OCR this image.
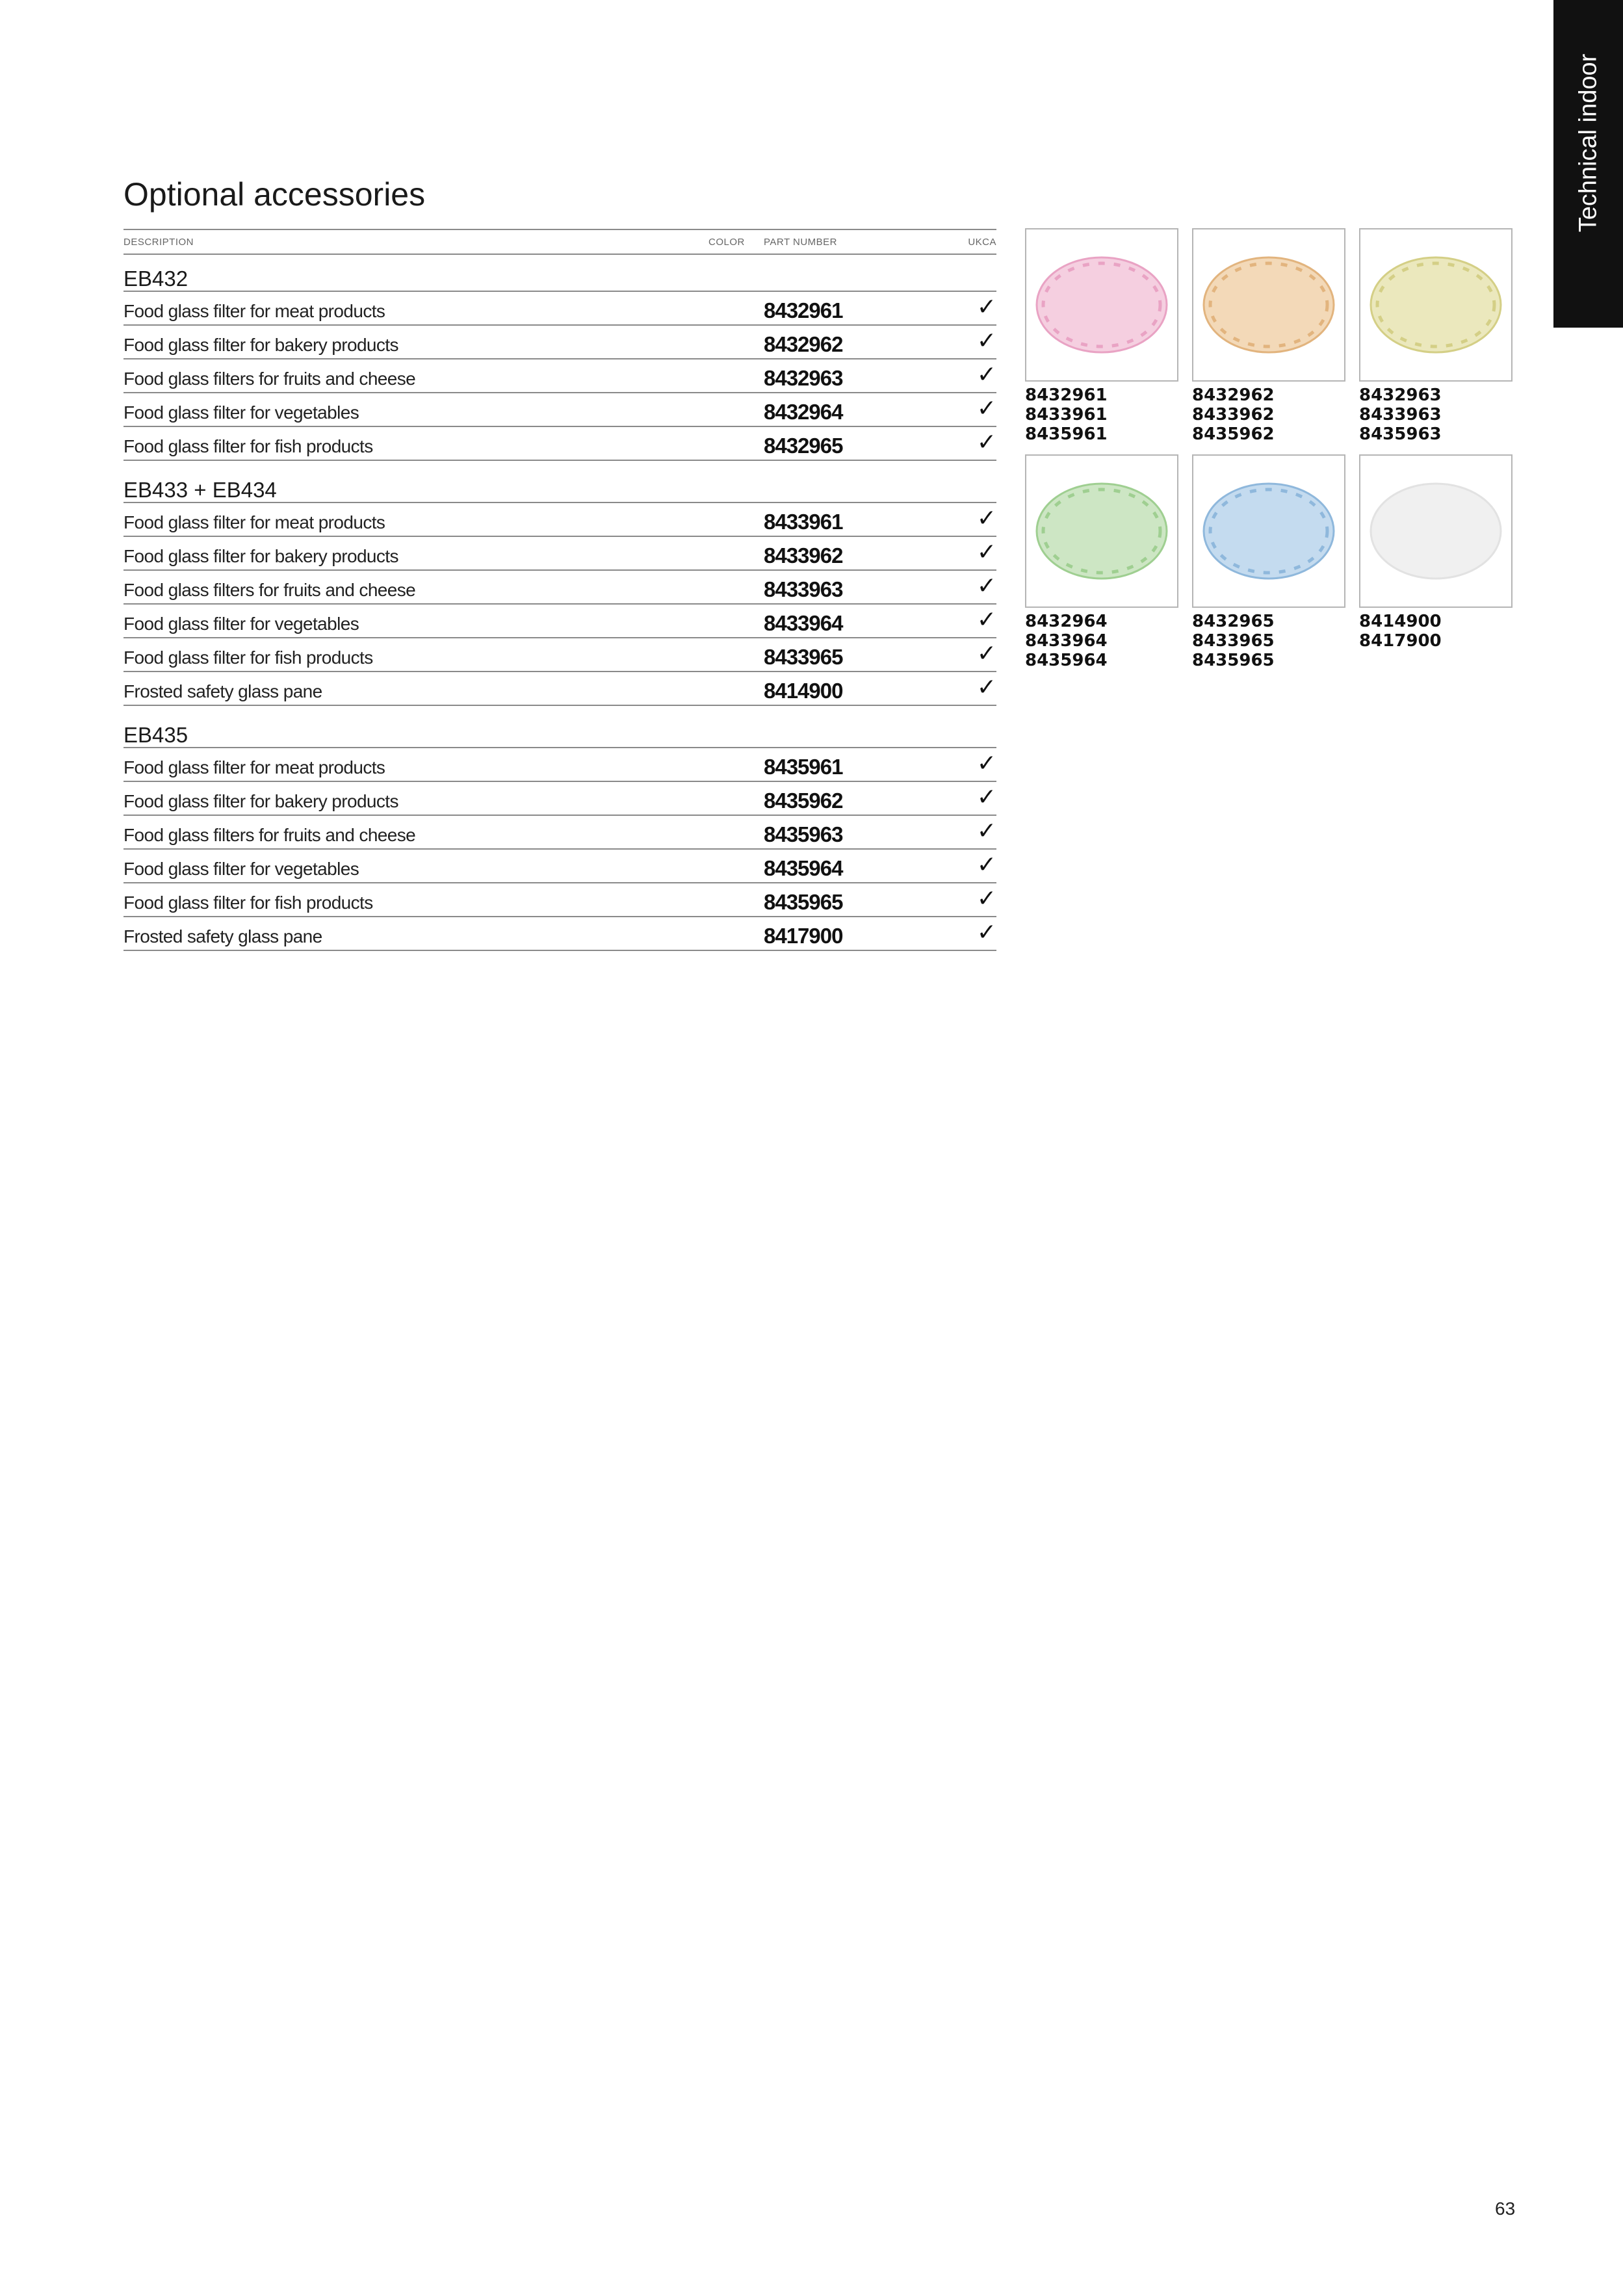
Technical indoor
Optional accessories
DESCRIPTION	COLOR PART NUMBER	UKCA
EB432
Food glass filter for meat products	8432961	✓
Food glass filter for bakery products	8432962	✓
Food glass filters for fruits and cheese	8432963	✓
Food glass filter for vegetables	8432964	✓
Food glass filter for fish products	8432965	✓
EB433 + EB434
Food glass filter for meat products	8433961	✓
Food glass filter for bakery products	8433962	✓
Food glass filters for fruits and cheese	8433963	✓
Food glass filter for vegetables	8433964	✓
Food glass filter for fish products	8433965	✓
Frosted safety glass pane	8414900	✓
EB435
Food glass filter for meat products	8435961	✓
Food glass filter for bakery products	8435962	✓
Food glass filters for fruits and cheese	8435963	✓
Food glass filter for vegetables	8435964	✓
Food glass filter for fish products	8435965	✓
Frosted safety glass pane	8417900	✓
8432961
8433961
8435961
8432962
8433962
8435962
8432963
8433963
8435963
8432964
8433964
8435964
8432965
8433965
8435965
8414900
8417900
63
